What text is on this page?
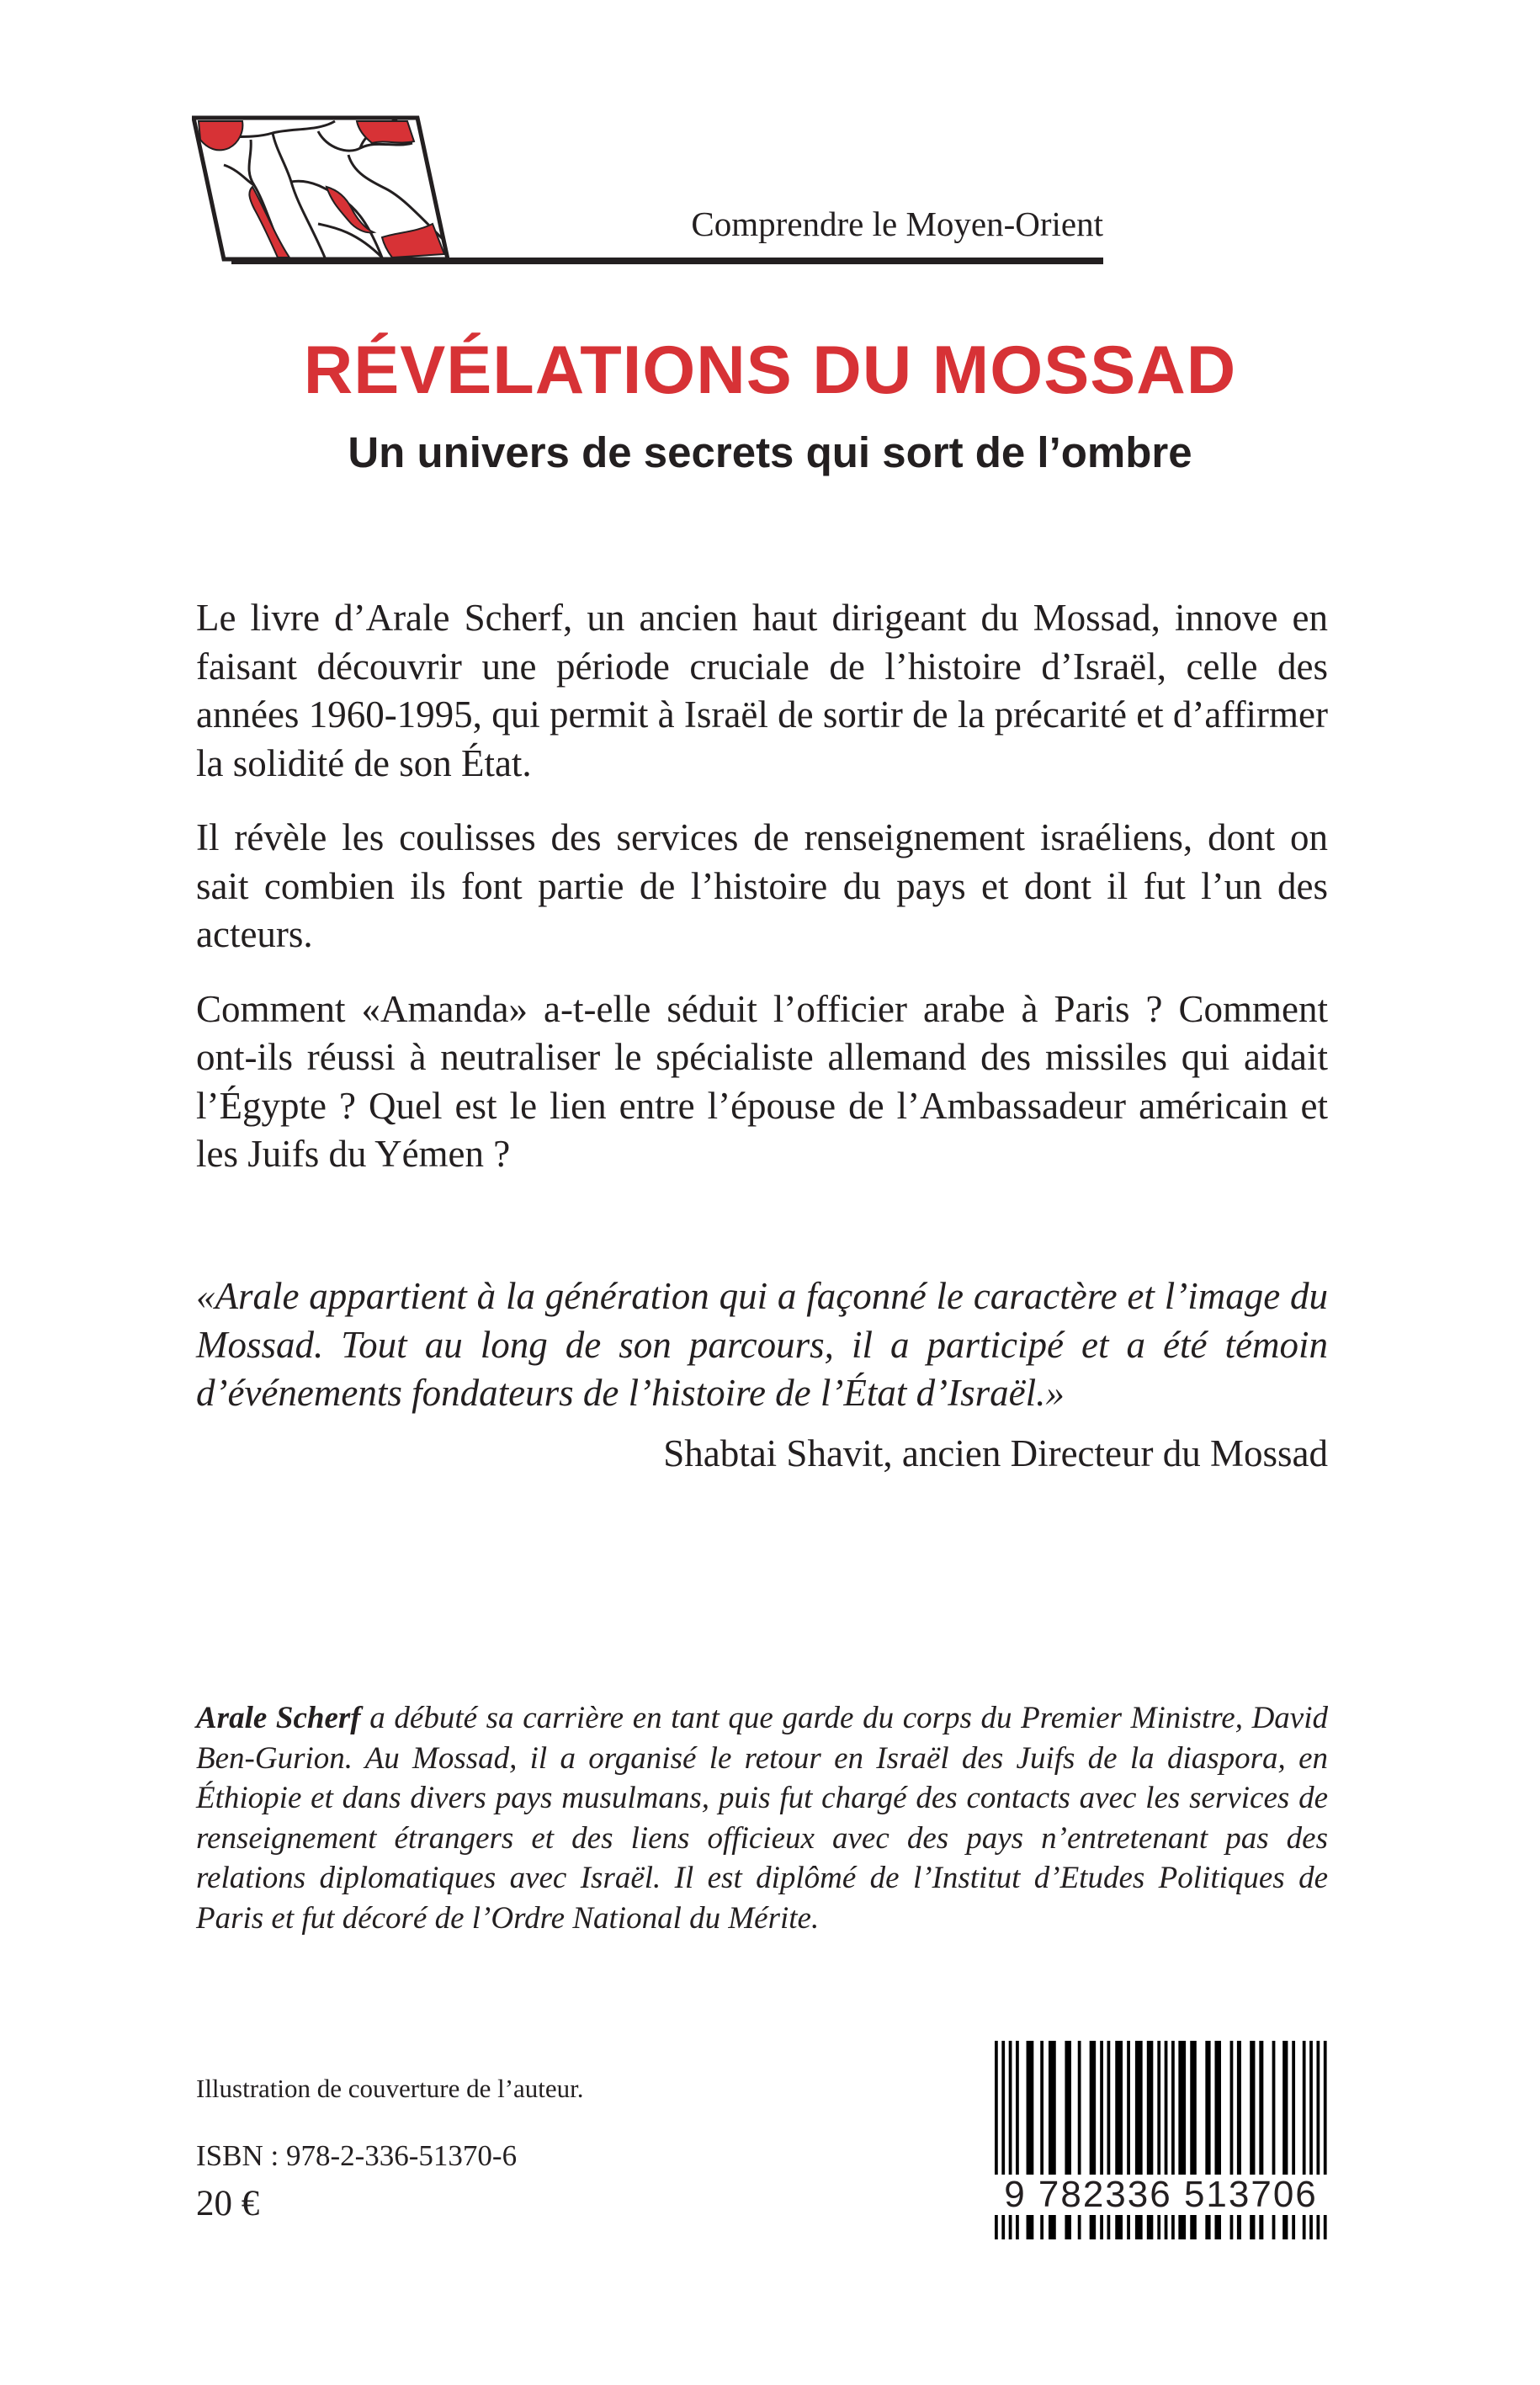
Comprendre le Moyen-Orient
RÉVÉLATIONS DU MOSSAD
Un univers de secrets qui sort de l’ombre

Le livre d’Arale Scherf, un ancien haut dirigeant du Mossad, innove en faisant découvrir une période cruciale de l’histoire d’Israël, celle des années 1960-1995, qui permit à Israël de sortir de la précarité et d’affirmer la solidité de son État.

Il révèle les coulisses des services de renseignement israéliens, dont on sait combien ils font partie de l’histoire du pays et dont il fut l’un des acteurs.

Comment «Amanda» a-t-elle séduit l’officier arabe à Paris ? Comment ont-ils réussi à neutraliser le spécialiste allemand des missiles qui aidait l’Égypte ? Quel est le lien entre l’épouse de l’Ambassadeur américain et les Juifs du Yémen ?

«Arale appartient à la génération qui a façonné le caractère et l’image du Mossad. Tout au long de son parcours, il a participé et a été témoin d’événements fondateurs de l’histoire de l’État d’Israël.»

Shabtai Shavit, ancien Directeur du Mossad

Arale Scherf a débuté sa carrière en tant que garde du corps du Premier Ministre, David Ben-Gurion. Au Mossad, il a organisé le retour en Israël des Juifs de la diaspora, en Éthiopie et dans divers pays musulmans, puis fut chargé des contacts avec les services de renseignement étrangers et des liens officieux avec des pays n’entretenant pas des relations diplomatiques avec Israël. Il est diplômé de l’Institut d’Etudes Politiques de Paris et fut décoré de l’Ordre National du Mérite.

Illustration de couverture de l’auteur.
ISBN : 978-2-336-51370-6
20 €	9 782336 513706
